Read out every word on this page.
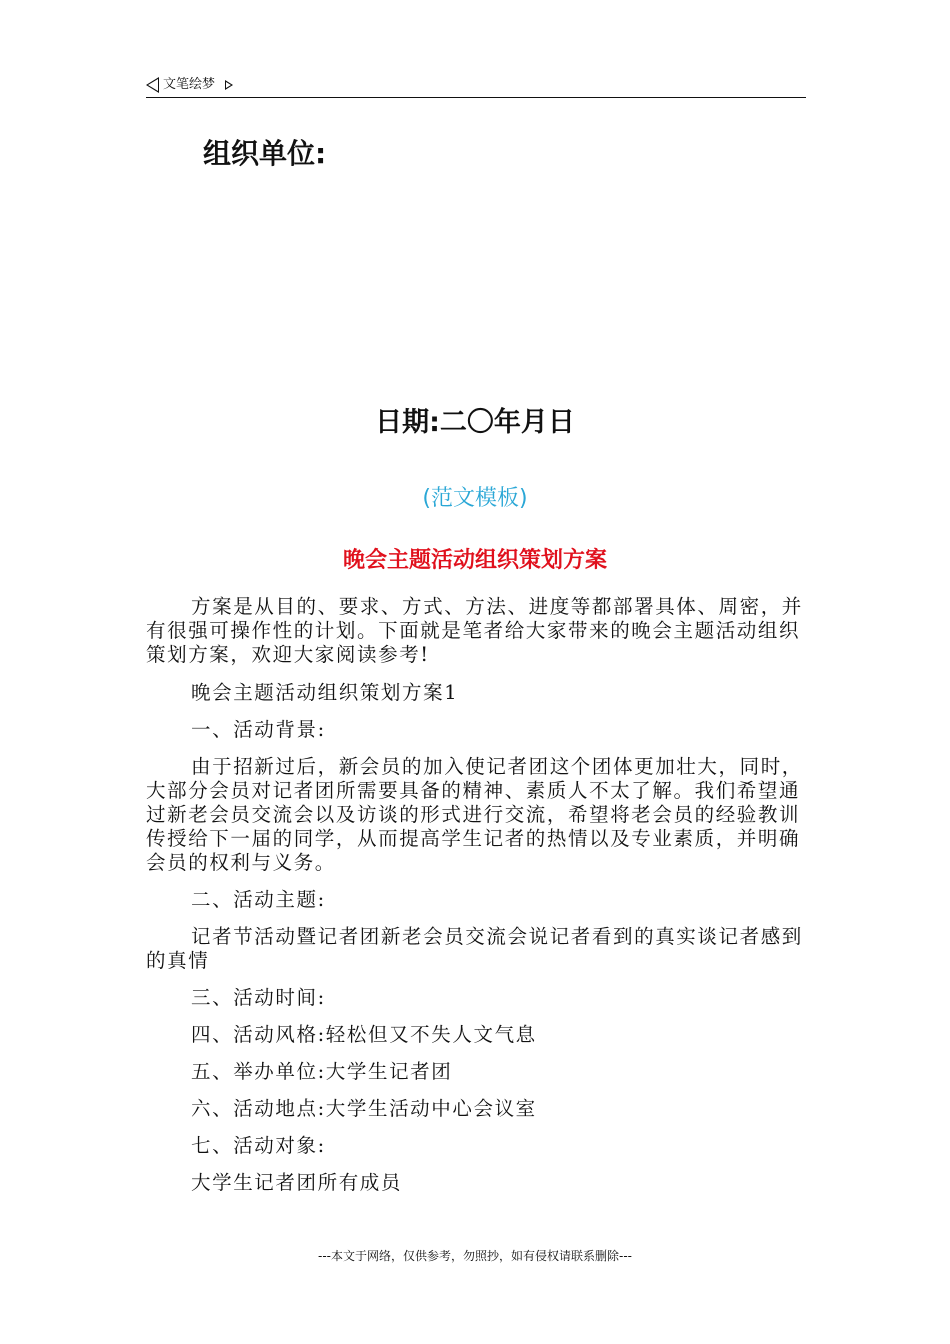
文笔绘梦
组织单位:
日期:二〇年月日
(范文模板)
晚会主题活动组织策划方案

方案是从目的、要求、方式、方法、进度等都部署具体、周密，并有很强可操作性的计划。下面就是笔者给大家带来的晚会主题活动组织策划方案，欢迎大家阅读参考!

晚会主题活动组织策划方案1

一、活动背景:

由于招新过后，新会员的加入使记者团这个团体更加壮大，同时，大部分会员对记者团所需要具备的精神、素质人不太了解。我们希望通过新老会员交流会以及访谈的形式进行交流，希望将老会员的经验教训传授给下一届的同学，从而提高学生记者的热情以及专业素质，并明确会员的权利与义务。

二、活动主题:

记者节活动暨记者团新老会员交流会说记者看到的真实谈记者感到的真情

三、活动时间:

四、活动风格:轻松但又不失人文气息

五、举办单位:大学生记者团

六、活动地点:大学生活动中心会议室

七、活动对象:

大学生记者团所有成员

---本文于网络，仅供参考，勿照抄，如有侵权请联系删除---
